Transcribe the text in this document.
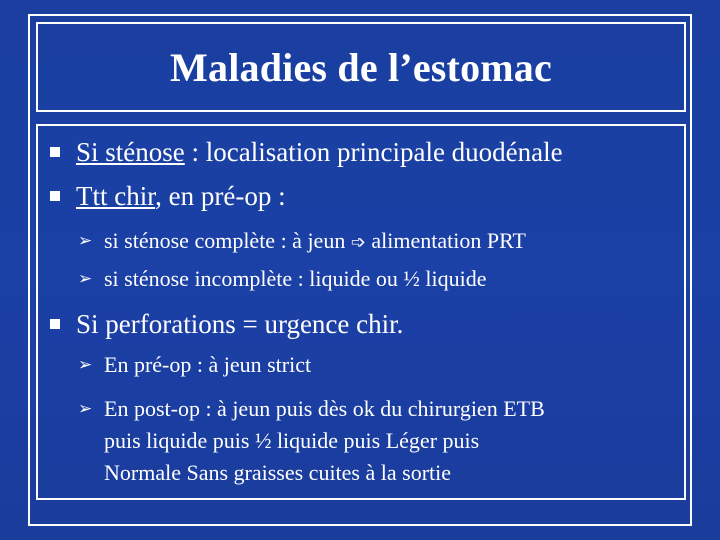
Maladies de l’estomac
Si sténose : localisation principale duodénale
Ttt chir, en pré-op :
➢ si sténose complète : à jeun ➩ alimentation PRT
➢ si sténose incomplète : liquide ou ½ liquide
Si perforations = urgence chir.
➢ En pré-op : à jeun strict
➢ En post-op : à jeun puis dès ok du chirurgien ETB
puis liquide puis ½ liquide puis Léger puis
Normale Sans graisses cuites à la sortie
